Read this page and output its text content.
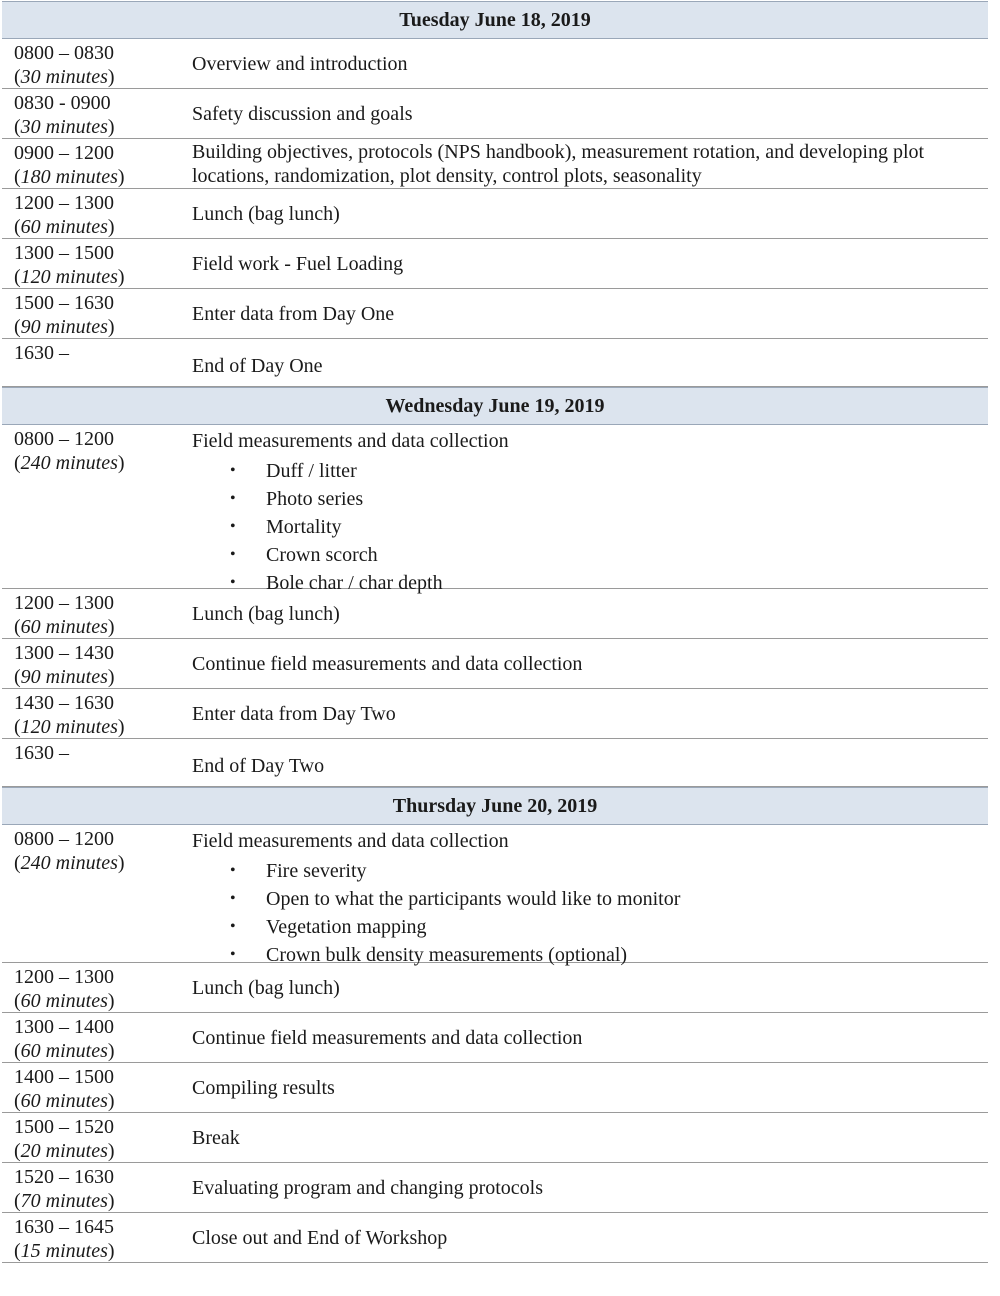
Tuesday June 18, 2019
0800 – 0830
(30 minutes)
Overview and introduction
0830 - 0900
(30 minutes)
Safety discussion and goals
0900 – 1200
(180 minutes)
Building objectives, protocols (NPS handbook), measurement rotation, and developing plot locations, randomization, plot density, control plots, seasonality
1200 – 1300
(60 minutes)
Lunch (bag lunch)
1300 – 1500
(120 minutes)
Field work - Fuel Loading
1500 – 1630
(90 minutes)
Enter data from Day One
1630 –
End of Day One
Wednesday June 19, 2019
0800 – 1200
(240 minutes)
Field measurements and data collection
• Duff / litter
• Photo series
• Mortality
• Crown scorch
• Bole char / char depth
1200 – 1300
(60 minutes)
Lunch (bag lunch)
1300 – 1430
(90 minutes)
Continue field measurements and data collection
1430 – 1630
(120 minutes)
Enter data from Day Two
1630 –
End of Day Two
Thursday June 20, 2019
0800 – 1200
(240 minutes)
Field measurements and data collection
• Fire severity
• Open to what the participants would like to monitor
• Vegetation mapping
• Crown bulk density measurements (optional)
1200 – 1300
(60 minutes)
Lunch (bag lunch)
1300 – 1400
(60 minutes)
Continue field measurements and data collection
1400 – 1500
(60 minutes)
Compiling results
1500 – 1520
(20 minutes)
Break
1520 – 1630
(70 minutes)
Evaluating program and changing protocols
1630 – 1645
(15 minutes)
Close out and End of Workshop
